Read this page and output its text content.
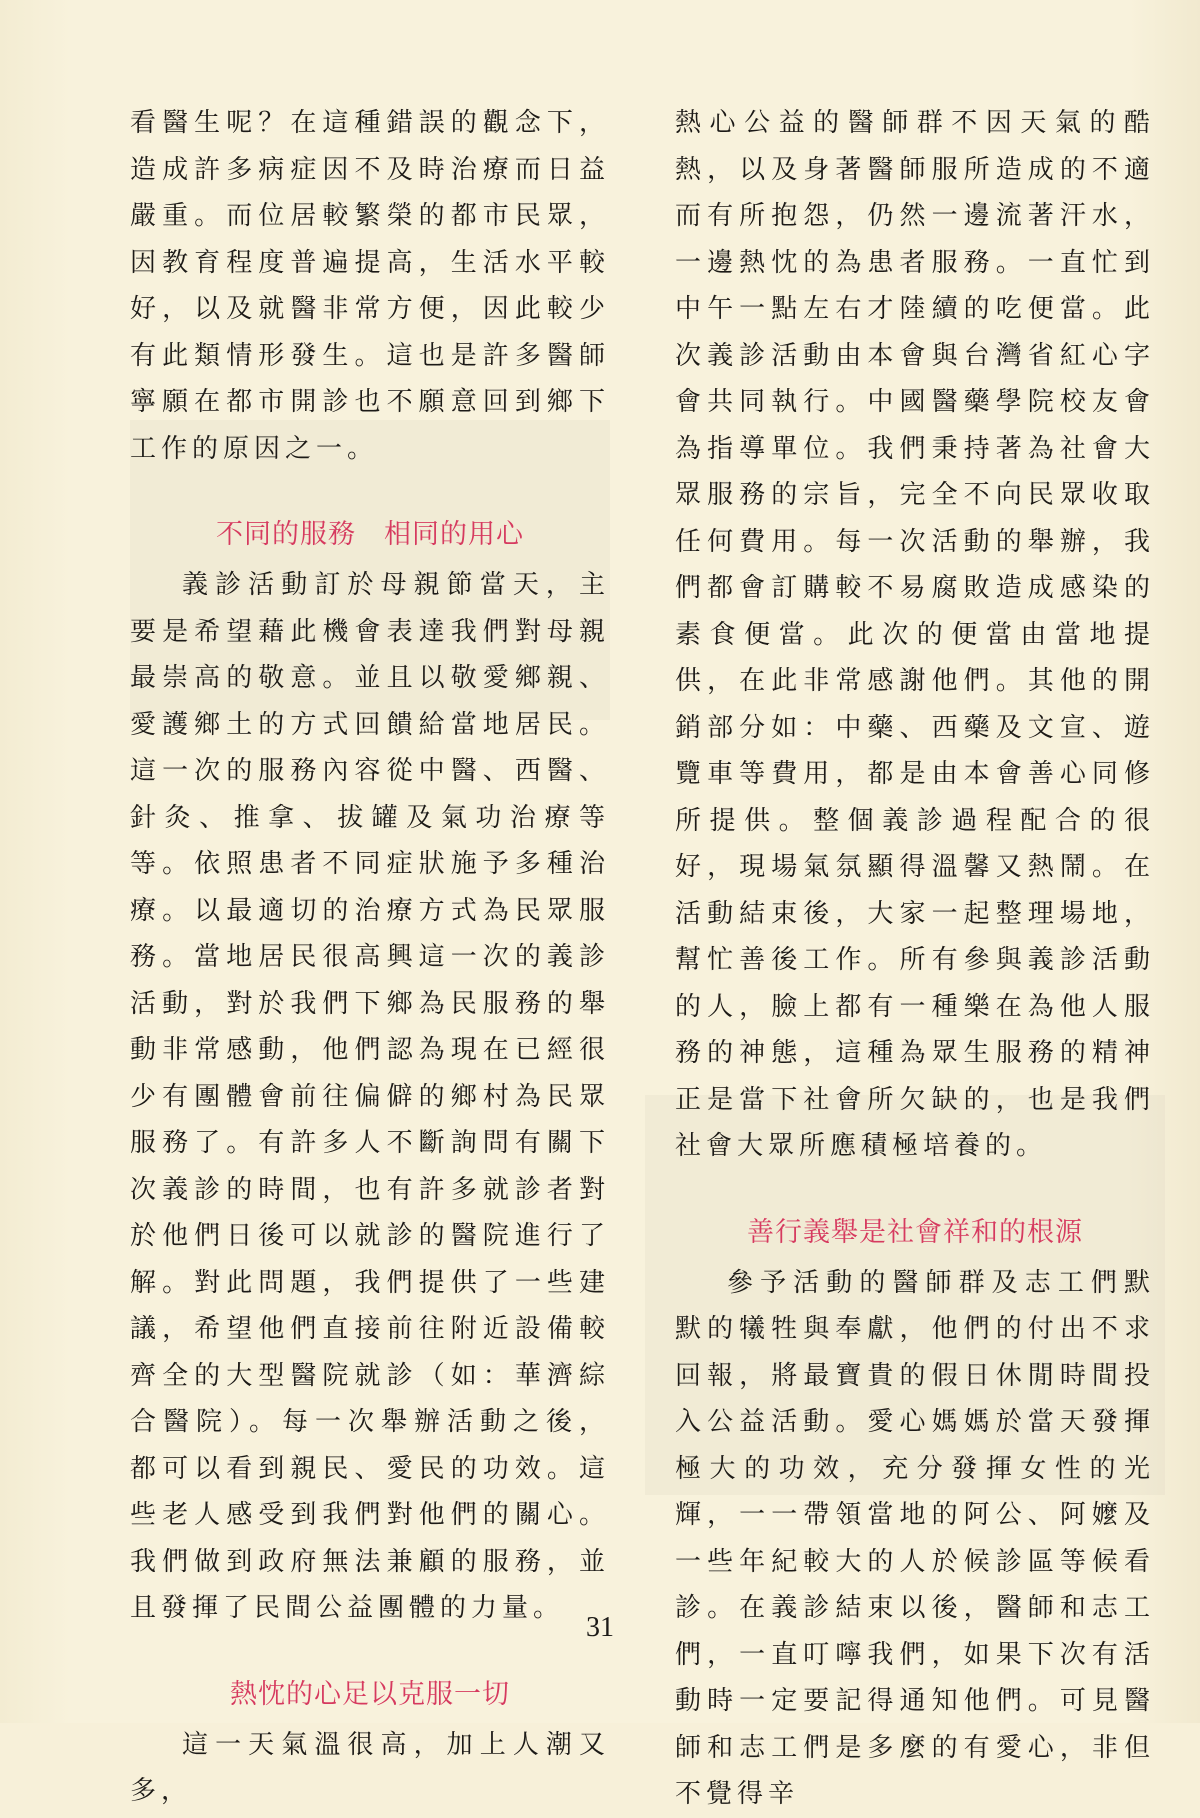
看醫生呢？在這種錯誤的觀念下，造成許多病症因不及時治療而日益嚴重。而位居較繁榮的都市民眾，因教育程度普遍提高，生活水平較好，以及就醫非常方便，因此較少有此類情形發生。這也是許多醫師寧願在都市開診也不願意回到鄉下工作的原因之一。

不同的服務　相同的用心

義診活動訂於母親節當天，主要是希望藉此機會表達我們對母親最崇高的敬意。並且以敬愛鄉親、愛護鄉土的方式回饋給當地居民。這一次的服務內容從中醫、西醫、針灸、推拿、拔罐及氣功治療等等。依照患者不同症狀施予多種治療。以最適切的治療方式為民眾服務。當地居民很高興這一次的義診活動，對於我們下鄉為民服務的舉動非常感動，他們認為現在已經很少有團體會前往偏僻的鄉村為民眾服務了。有許多人不斷詢問有關下次義診的時間，也有許多就診者對於他們日後可以就診的醫院進行了解。對此問題，我們提供了一些建議，希望他們直接前往附近設備較齊全的大型醫院就診（如：華濟綜合醫院）。每一次舉辦活動之後，都可以看到親民、愛民的功效。這些老人感受到我們對他們的關心。我們做到政府無法兼顧的服務，並且發揮了民間公益團體的力量。

熱忱的心足以克服一切

這一天氣溫很高，加上人潮又多，

熱心公益的醫師群不因天氣的酷熱，以及身著醫師服所造成的不適而有所抱怨，仍然一邊流著汗水，一邊熱忱的為患者服務。一直忙到中午一點左右才陸續的吃便當。此次義診活動由本會與台灣省紅心字會共同執行。中國醫藥學院校友會為指導單位。我們秉持著為社會大眾服務的宗旨，完全不向民眾收取任何費用。每一次活動的舉辦，我們都會訂購較不易腐敗造成感染的素食便當。此次的便當由當地提供，在此非常感謝他們。其他的開銷部分如：中藥、西藥及文宣、遊覽車等費用，都是由本會善心同修所提供。整個義診過程配合的很好，現場氣氛顯得溫馨又熱鬧。在活動結束後，大家一起整理場地，幫忙善後工作。所有參與義診活動的人，臉上都有一種樂在為他人服務的神態，這種為眾生服務的精神正是當下社會所欠缺的，也是我們社會大眾所應積極培養的。

善行義舉是社會祥和的根源

參予活動的醫師群及志工們默默的犧牲與奉獻，他們的付出不求回報，將最寶貴的假日休閒時間投入公益活動。愛心媽媽於當天發揮極大的功效，充分發揮女性的光輝，一一帶領當地的阿公、阿嬤及一些年紀較大的人於候診區等候看診。在義診結束以後，醫師和志工們，一直叮嚀我們，如果下次有活動時一定要記得通知他們。可見醫師和志工們是多麼的有愛心，非但不覺得辛

31
